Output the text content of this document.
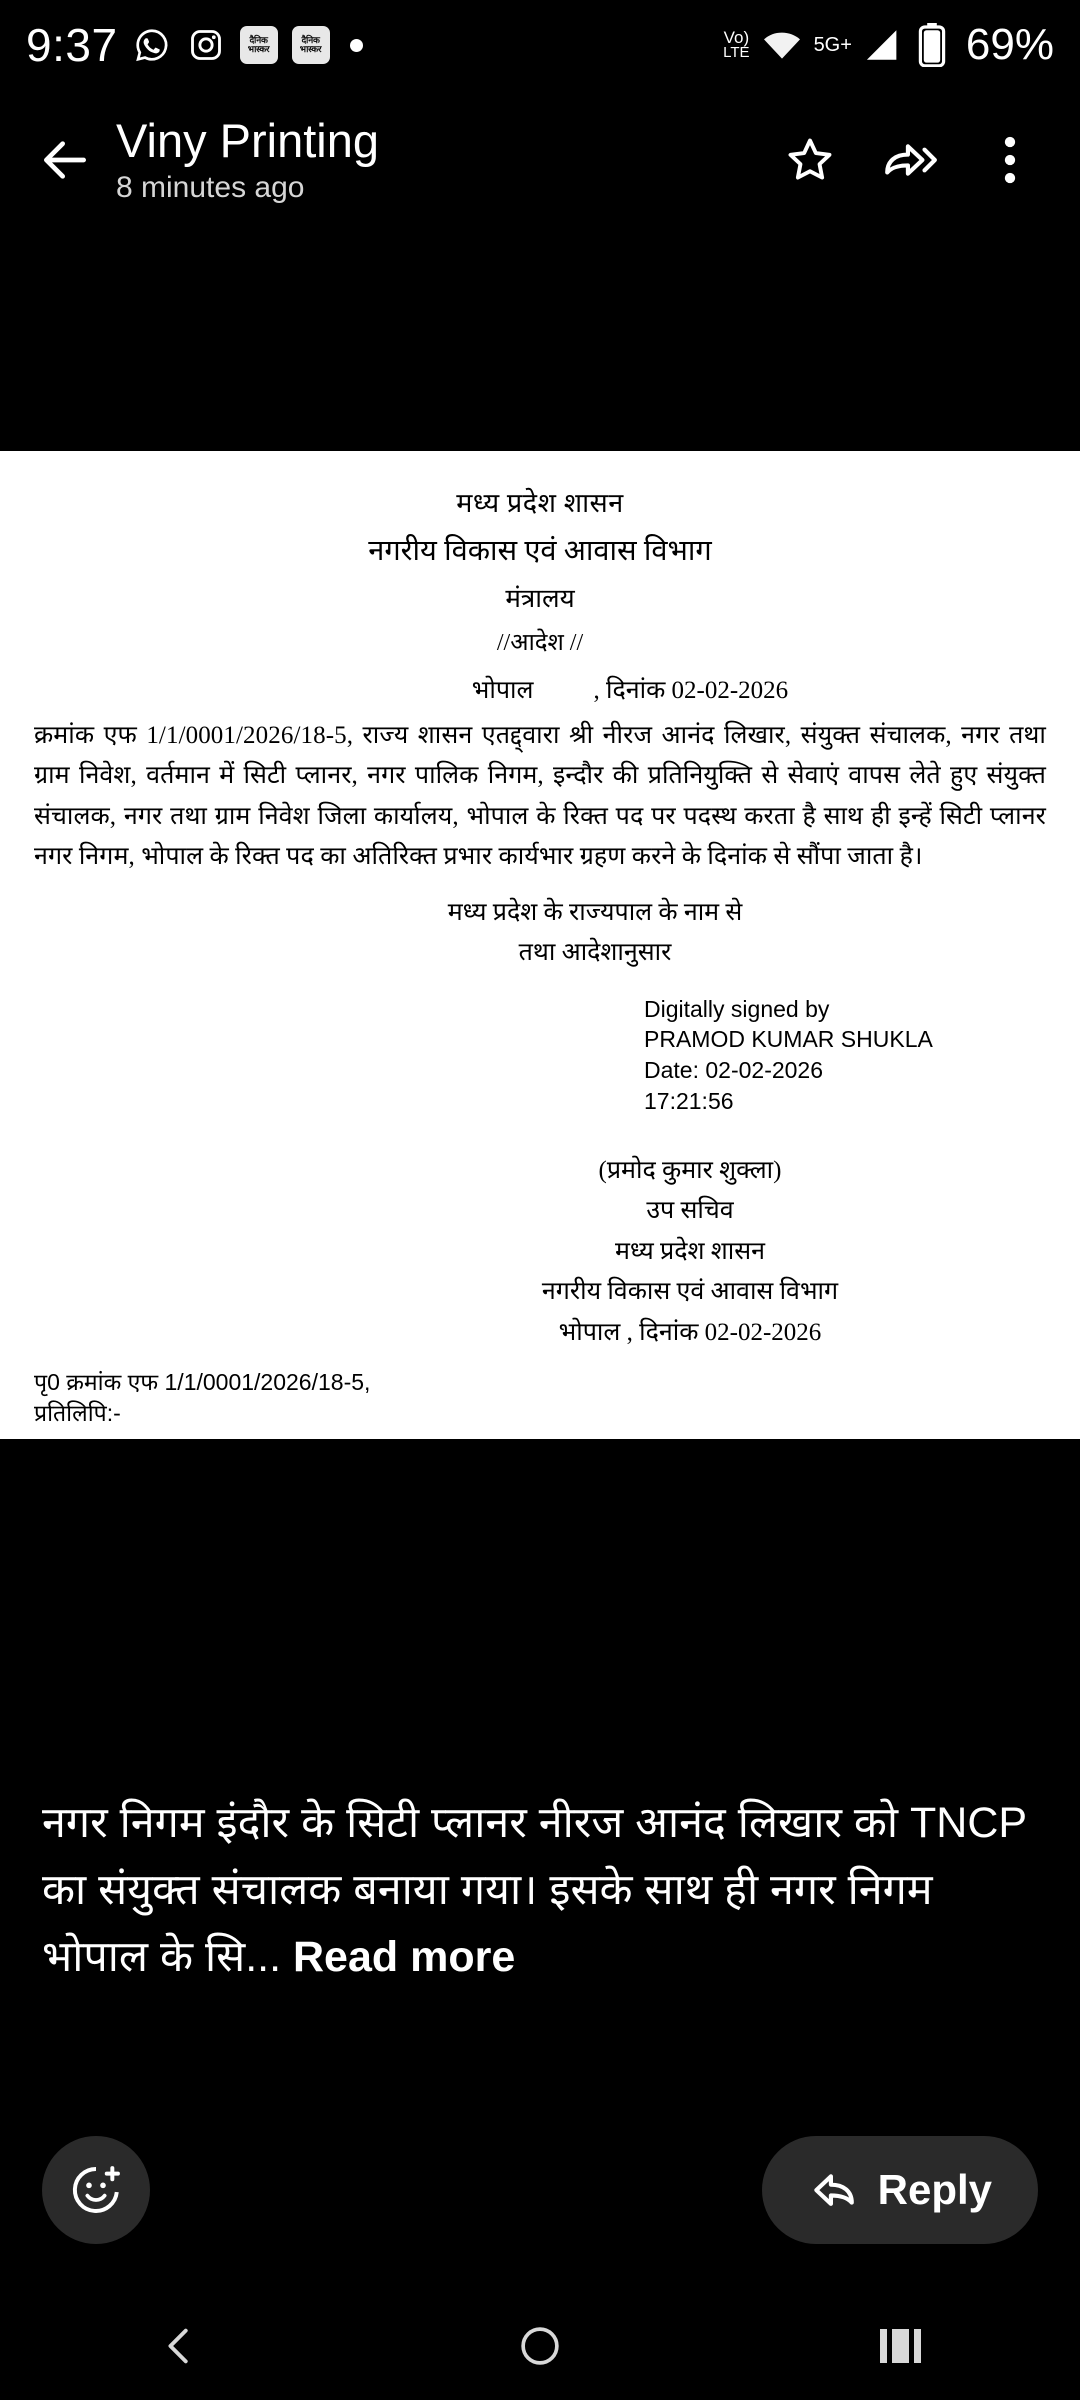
9:37	दैनिक
भास्कर
दैनिक
भास्कर
Vo)
LTE	5G+	69%
Viny Printing
8 minutes ago
मध्य प्रदेश शासन
नगरीय विकास एवं आवास विभाग
मंत्रालय
//आदेश //
भोपाल , दिनांक 02-02-2026
क्रमांक एफ 1/1/0001/2026/18-5, राज्य शासन एतद्द्वारा श्री नीरज आनंद लिखार, संयुक्त संचालक, नगर तथा ग्राम निवेश, वर्तमान में सिटी प्लानर, नगर पालिक निगम, इन्दौर की प्रतिनियुक्ति से सेवाएं वापस लेते हुए संयुक्त संचालक, नगर तथा ग्राम निवेश जिला कार्यालय, भोपाल के रिक्त पद पर पदस्थ करता है साथ ही इन्हें सिटी प्लानर नगर निगम, भोपाल के रिक्त पद का अतिरिक्त प्रभार कार्यभार ग्रहण करने के दिनांक से सौंपा जाता है।
मध्य प्रदेश के राज्यपाल के नाम से
तथा आदेशानुसार
Digitally signed by
PRAMOD KUMAR SHUKLA
Date: 02-02-2026
17:21:56
(प्रमोद कुमार शुक्ला)
उप सचिव
मध्य प्रदेश शासन
नगरीय विकास एवं आवास विभाग
भोपाल , दिनांक 02-02-2026
पृ0 क्रमांक एफ 1/1/0001/2026/18-5,
प्रतिलिपि:-
नगर निगम इंदौर के सिटी प्लानर नीरज आनंद लिखार को TNCP का संयुक्त संचालक बनाया गया। इसके साथ ही नगर निगम भोपाल के सि... Read more
Reply
